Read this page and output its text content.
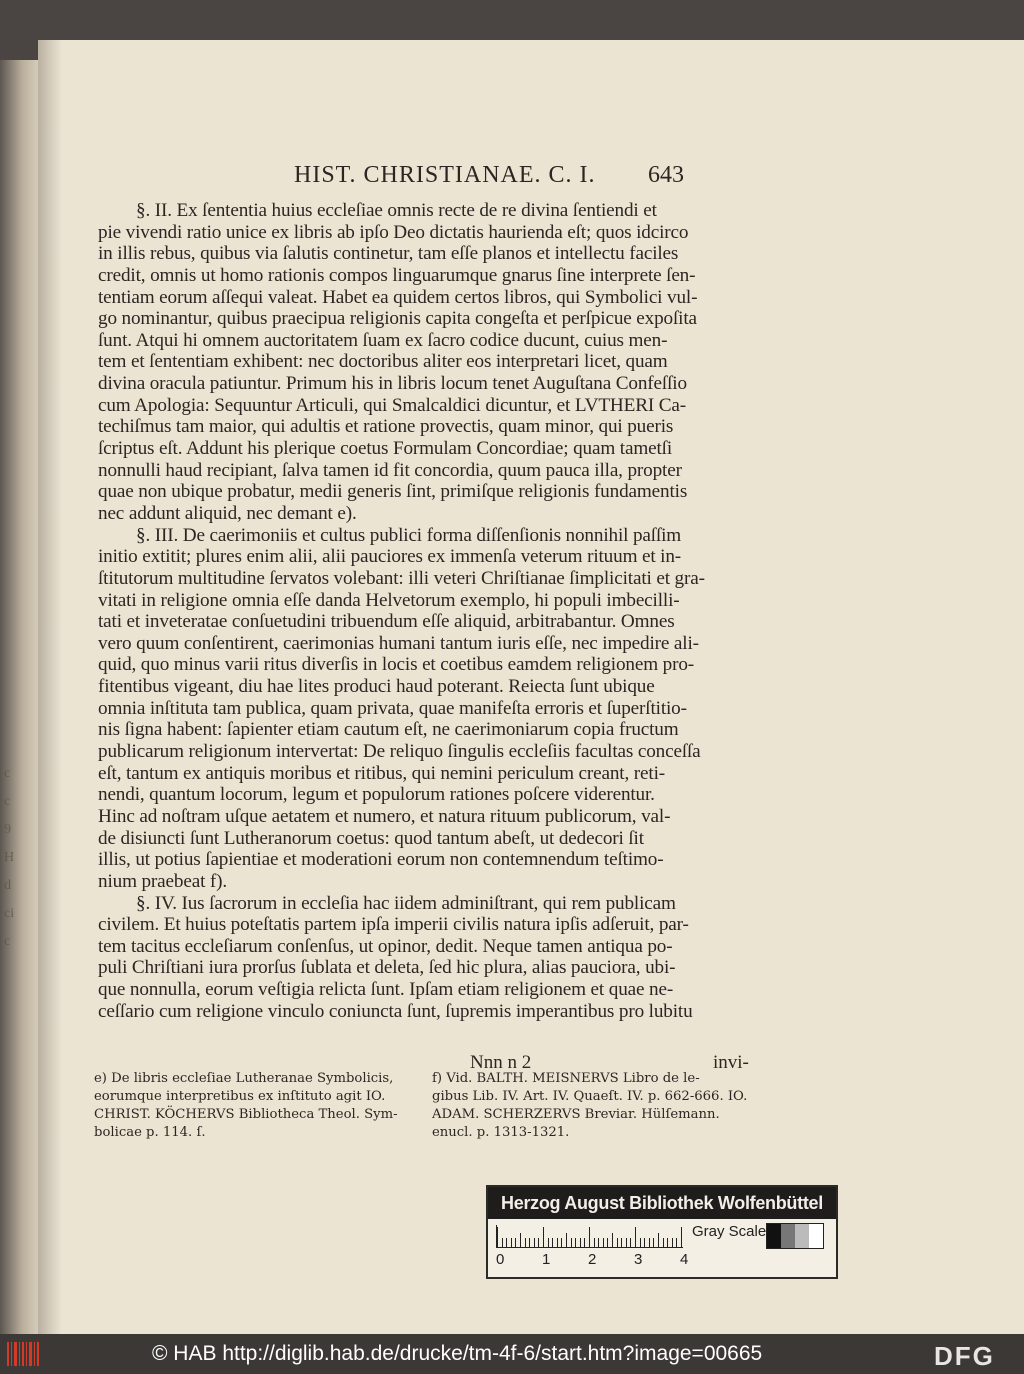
c
c
9
H
d
ci
c
HIST. CHRISTIANAE. C. I. 643
§. II. Ex ſententia huius eccleſiae omnis recte de re divina ſentiendi et
pie vivendi ratio unice ex libris ab ipſo Deo dictatis haurienda eſt; quos idcirco
in illis rebus, quibus via ſalutis continetur, tam eſſe planos et intellectu faciles
credit, omnis ut homo rationis compos linguarumque gnarus ſine interprete ſen-
tentiam eorum aſſequi valeat. Habet ea quidem certos libros, qui Symbolici vul-
go nominantur, quibus praecipua religionis capita congeſta et perſpicue expoſita
ſunt. Atqui hi omnem auctoritatem ſuam ex ſacro codice ducunt, cuius men-
tem et ſententiam exhibent: nec doctoribus aliter eos interpretari licet, quam
divina oracula patiuntur. Primum his in libris locum tenet Auguſtana Confeſſio
cum Apologia: Sequuntur Articuli, qui Smalcaldici dicuntur, et LVTHERI Ca-
techiſmus tam maior, qui adultis et ratione provectis, quam minor, qui pueris
ſcriptus eſt. Addunt his plerique coetus Formulam Concordiae; quam tametſi
nonnulli haud recipiant, ſalva tamen id fit concordia, quum pauca illa, propter
quae non ubique probatur, medii generis ſint, primiſque religionis fundamentis
nec addunt aliquid, nec demant e).
§. III. De caerimoniis et cultus publici forma diſſenſionis nonnihil paſſim
initio extitit; plures enim alii, alii pauciores ex immenſa veterum rituum et in-
ſtitutorum multitudine ſervatos volebant: illi veteri Chriſtianae ſimplicitati et gra-
vitati in religione omnia eſſe danda Helvetorum exemplo, hi populi imbecilli-
tati et inveteratae conſuetudini tribuendum eſſe aliquid, arbitrabantur. Omnes
vero quum conſentirent, caerimonias humani tantum iuris eſſe, nec impedire ali-
quid, quo minus varii ritus diverſis in locis et coetibus eamdem religionem pro-
fitentibus vigeant, diu hae lites produci haud poterant. Reiecta ſunt ubique
omnia inſtituta tam publica, quam privata, quae manifeſta erroris et ſuperſtitio-
nis ſigna habent: ſapienter etiam cautum eſt, ne caerimoniarum copia fructum
publicarum religionum intervertat: De reliquo ſingulis eccleſiis facultas conceſſa
eſt, tantum ex antiquis moribus et ritibus, qui nemini periculum creant, reti-
nendi, quantum locorum, legum et populorum rationes poſcere viderentur.
Hinc ad noſtram uſque aetatem et numero, et natura rituum publicorum, val-
de disiuncti ſunt Lutheranorum coetus: quod tantum abeſt, ut dedecori ſit
illis, ut potius ſapientiae et moderationi eorum non contemnendum teſtimo-
nium praebeat f).
§. IV. Ius ſacrorum in eccleſia hac iidem adminiſtrant, qui rem publicam
civilem. Et huius poteſtatis partem ipſa imperii civilis natura ipſis adſeruit, par-
tem tacitus eccleſiarum conſenſus, ut opinor, dedit. Neque tamen antiqua po-
puli Chriſtiani iura prorſus ſublata et deleta, ſed hic plura, alias pauciora, ubi-
que nonnulla, eorum veſtigia relicta ſunt. Ipſam etiam religionem et quae ne-
ceſſario cum religione vinculo coniuncta ſunt, ſupremis imperantibus pro lubitu
Nnn n 2	invi-
e) De libris eccleſiae Lutheranae Symbolicis,
eorumque interpretibus ex inſtituto agit IO.
CHRIST. KÖCHERVS Bibliotheca Theol. Sym-
bolicae p. 114. ſ.
f) Vid. BALTH. MEISNERVS Libro de le-
gibus Lib. IV. Art. IV. Quaeſt. IV. p. 662-666. IO.
ADAM. SCHERZERVS Breviar. Hülſemann.
enucl. p. 1313-1321.
Herzog August Bibliothek Wolfenbüttel
Gray Scale
0	1	2	3	4
© HAB http://diglib.hab.de/drucke/tm-4f-6/start.htm?image=00665	DFG
